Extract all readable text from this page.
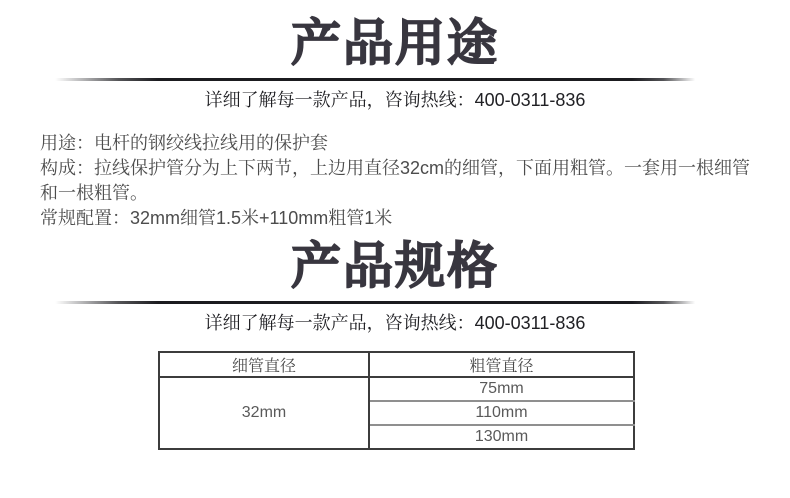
产品用途
详细了解每一款产品，咨询热线：400-0311-836

用途：电杆的钢绞线拉线用的保护套

构成：拉线保护管分为上下两节，上边用直径32cm的细管，下面用粗管。一套用一根细管和一根粗管。

常规配置：32mm细管1.5米+110mm粗管1米

产品规格
详细了解每一款产品，咨询热线：400-0311-836
细管直径	粗管直径
32mm	75mm
	110mm
	130mm
